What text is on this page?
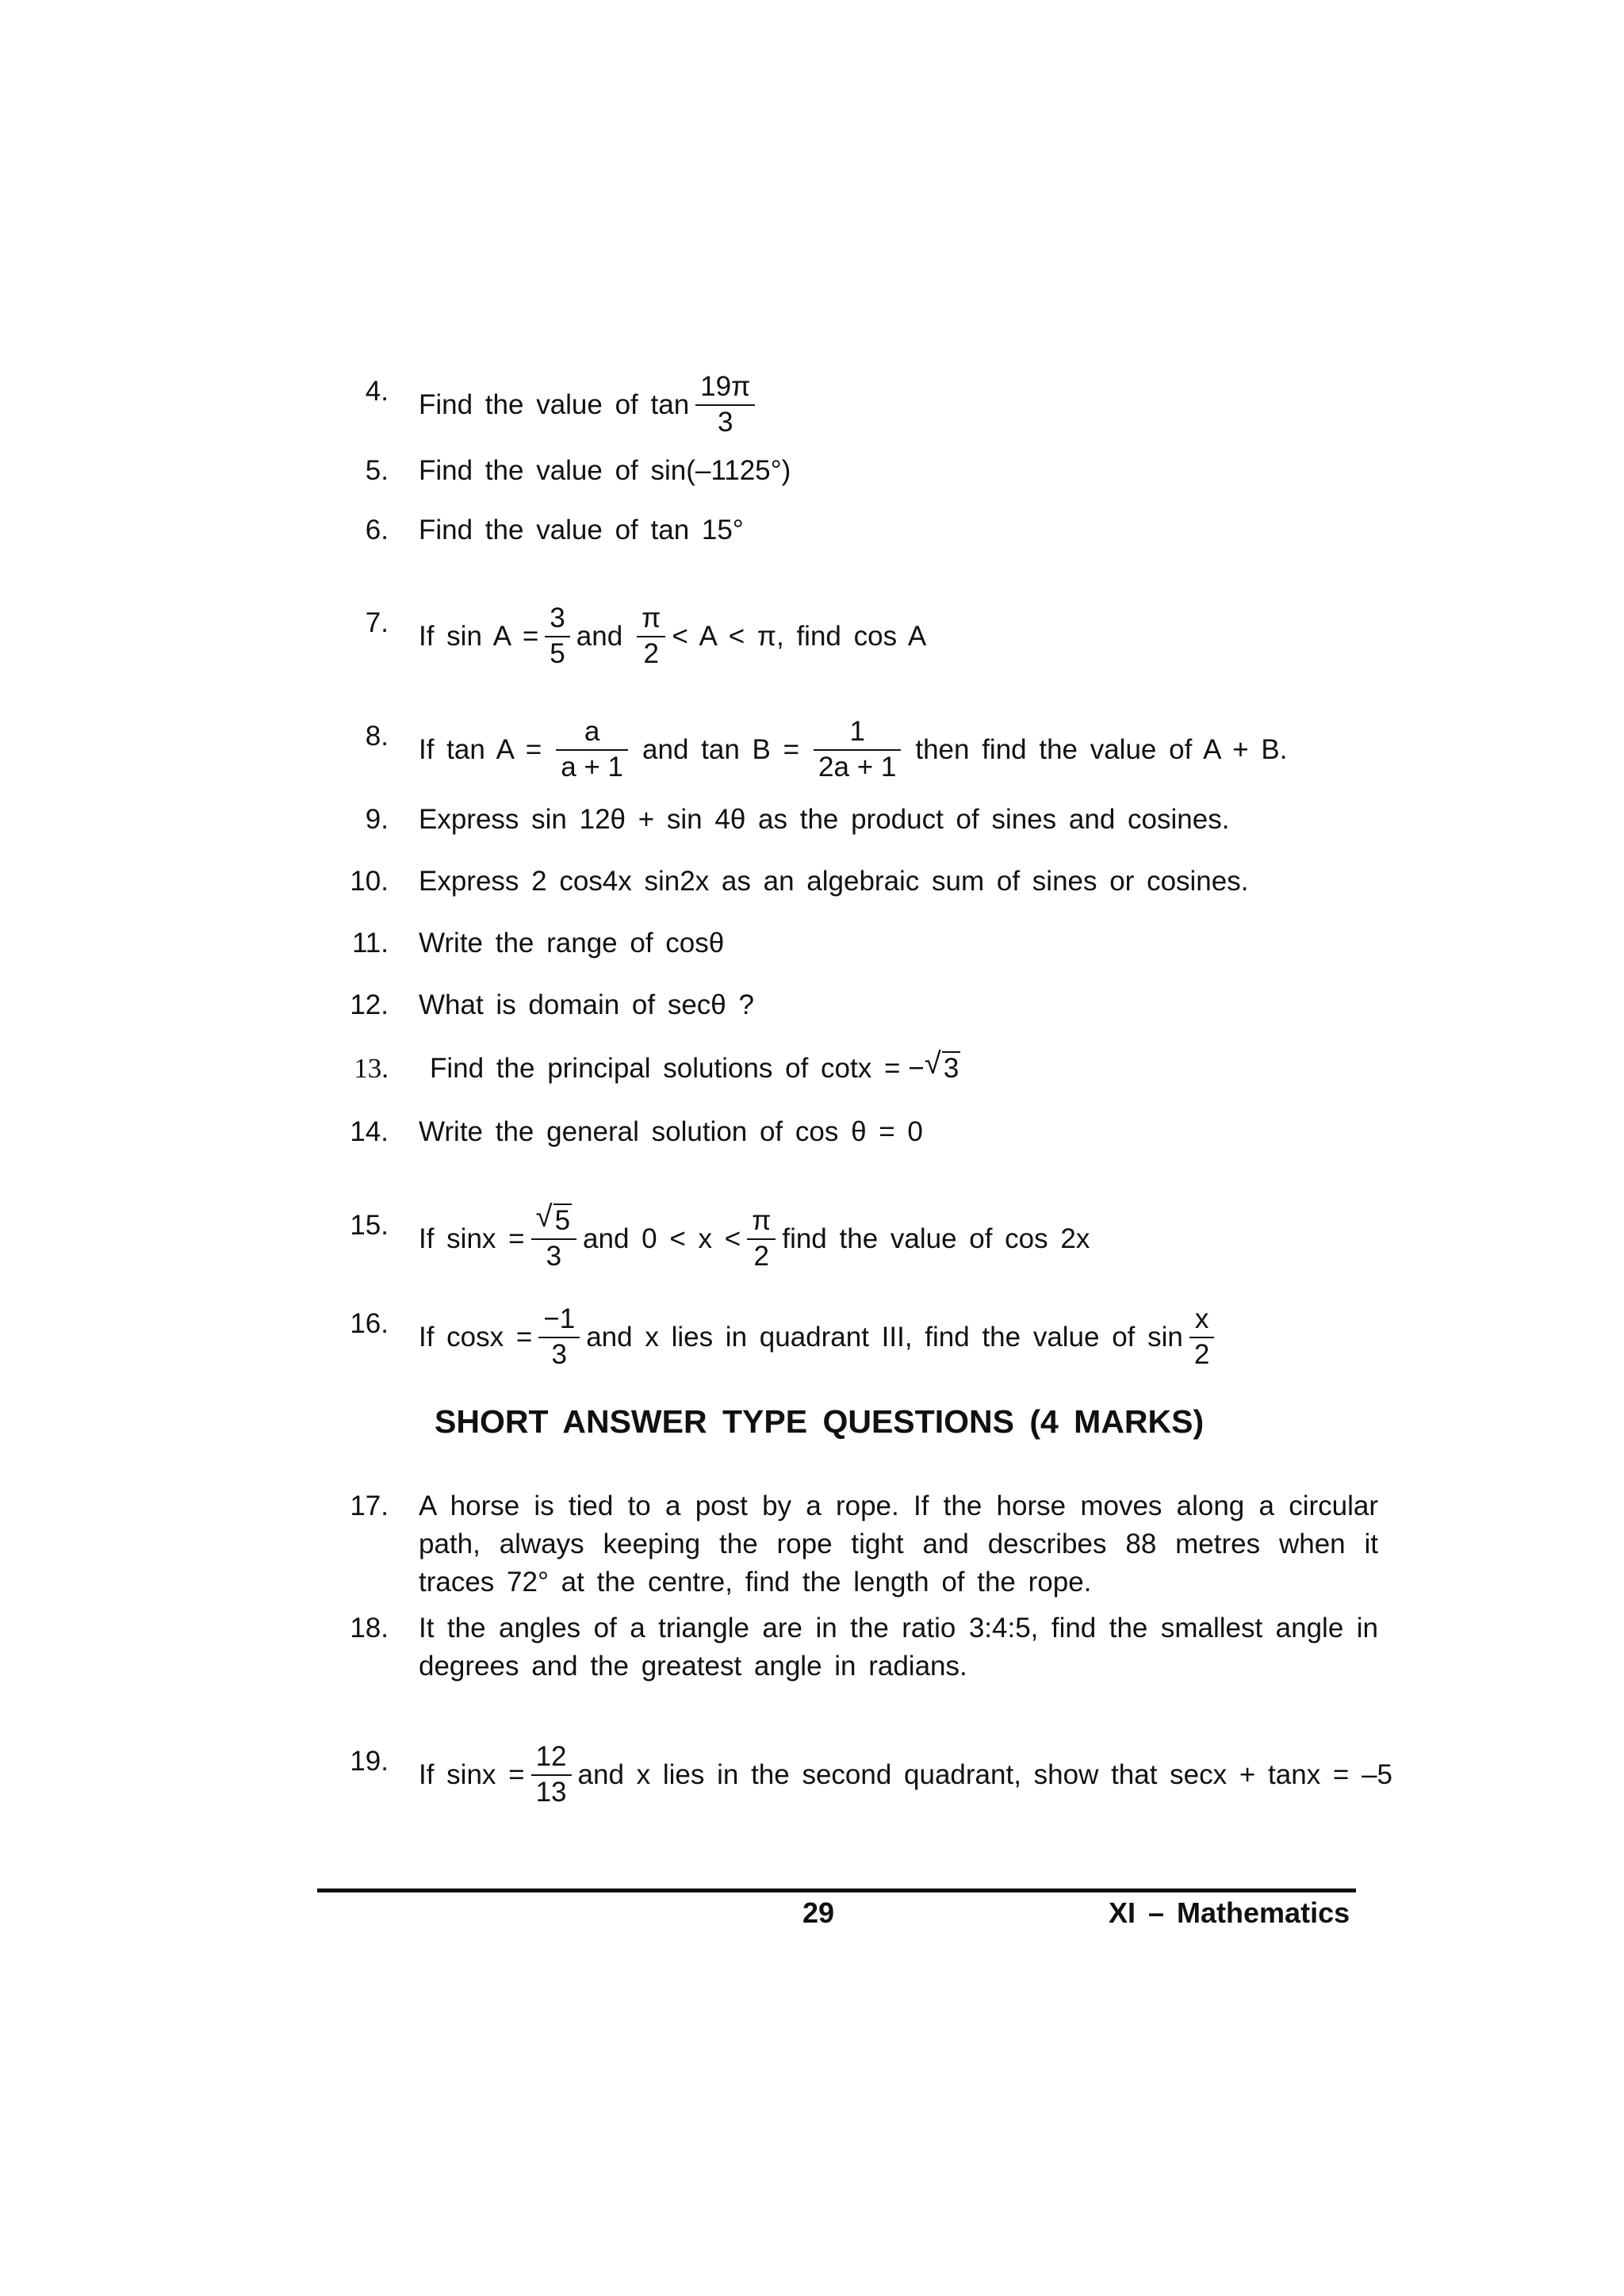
4. Find the value of $\tan \frac{19\pi}{3}$
5. Find the value of sin(–1125°)
6. Find the value of tan 15°
7. If $\sin A = \frac{3}{5}$ and $\frac{\pi}{2} < A < \pi$, find cos A
8. If $\tan A = \frac{a}{a + 1}$ and $\tan B = \frac{1}{2a + 1}$ then find the value of A + B.
9. Express sin 12θ + sin 4θ as the product of sines and cosines.
10. Express 2 cos4x sin2x as an algebraic sum of sines or cosines.
11. Write the range of cosθ
12. What is domain of secθ ?
13. Find the principal solutions of cotx = − √ 3
14. Write the general solution of cos θ = 0
15. If $\sin x = \frac{√ 5}{3}$ and $0 < x < \frac{\pi}{2}$ find the value of cos 2x
16. If $\cos x = \frac{-1}{3}$ and x lies in quadrant III, find the value of $\sin \frac{x}{2}$
SHORT ANSWER TYPE QUESTIONS (4 MARKS)
17. A horse is tied to a post by a rope. If the horse moves along a circular path, always keeping the rope tight and describes 88 metres when it traces 72° at the centre, find the length of the rope.
18. It the angles of a triangle are in the ratio 3:4:5, find the smallest angle in degrees and the greatest angle in radians.
19. If $\sin x = \frac{12}{13}$ and x lies in the second quadrant, show that secx + tanx = –5
29	XI – Mathematics
